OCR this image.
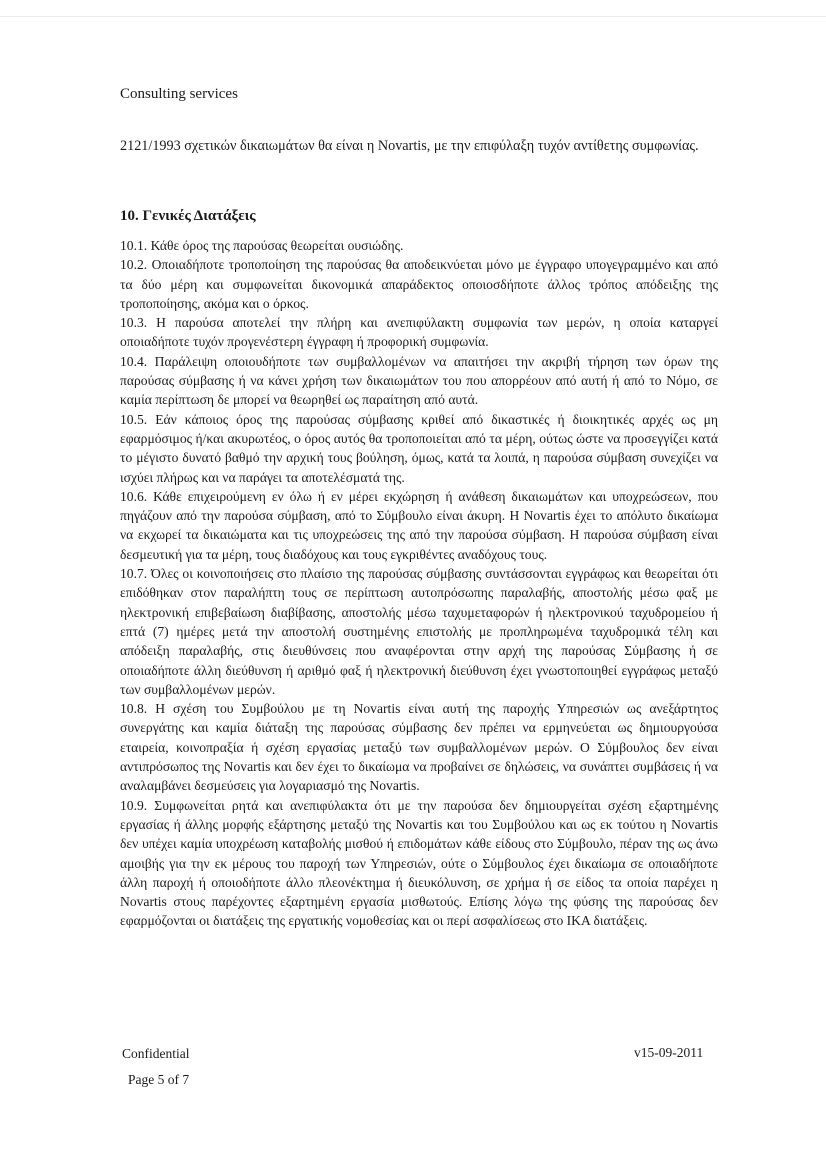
Consulting services
2121/1993 σχετικών δικαιωμάτων θα είναι η Novartis, με την επιφύλαξη τυχόν αντίθετης συμφωνίας.
10. Γενικές Διατάξεις

10.1. Κάθε όρος της παρούσας θεωρείται ουσιώδης.

10.2. Οποιαδήποτε τροποποίηση της παρούσας θα αποδεικνύεται μόνο με έγγραφο υπογεγραμμένο και από τα δύο μέρη και συμφωνείται δικονομικά απαράδεκτος οποιοσδήποτε άλλος τρόπος απόδειξης της τροποποίησης, ακόμα και ο όρκος.

10.3. Η παρούσα αποτελεί την πλήρη και ανεπιφύλακτη συμφωνία των μερών, η οποία καταργεί οποιαδήποτε τυχόν προγενέστερη έγγραφη ή προφορική συμφωνία.

10.4. Παράλειψη οποιουδήποτε των συμβαλλομένων να απαιτήσει την ακριβή τήρηση των όρων της παρούσας σύμβασης ή να κάνει χρήση των δικαιωμάτων του που απορρέουν από αυτή ή από το Νόμο, σε καμία περίπτωση δε μπορεί να θεωρηθεί ως παραίτηση από αυτά.

10.5. Εάν κάποιος όρος της παρούσας σύμβασης κριθεί από δικαστικές ή διοικητικές αρχές ως μη εφαρμόσιμος ή/και ακυρωτέος, ο όρος αυτός θα τροποποιείται από τα μέρη, ούτως ώστε να προσεγγίζει κατά το μέγιστο δυνατό βαθμό την αρχική τους βούληση, όμως, κατά τα λοιπά, η παρούσα σύμβαση συνεχίζει να ισχύει πλήρως και να παράγει τα αποτελέσματά της.

10.6. Κάθε επιχειρούμενη εν όλω ή εν μέρει εκχώρηση ή ανάθεση δικαιωμάτων και υποχρεώσεων, που πηγάζουν από την παρούσα σύμβαση, από το Σύμβουλο είναι άκυρη. Η Novartis έχει το απόλυτο δικαίωμα να εκχωρεί τα δικαιώματα και τις υποχρεώσεις της από την παρούσα σύμβαση. Η παρούσα σύμβαση είναι δεσμευτική για τα μέρη, τους διαδόχους και τους εγκριθέντες αναδόχους τους.

10.7. Όλες οι κοινοποιήσεις στο πλαίσιο της παρούσας σύμβασης συντάσσονται εγγράφως και θεωρείται ότι επιδόθηκαν στον παραλήπτη τους σε περίπτωση αυτοπρόσωπης παραλαβής, αποστολής μέσω φαξ με ηλεκτρονική επιβεβαίωση διαβίβασης, αποστολής μέσω ταχυμεταφορών ή ηλεκτρονικού ταχυδρομείου ή επτά (7) ημέρες μετά την αποστολή συστημένης επιστολής με προπληρωμένα ταχυδρομικά τέλη και απόδειξη παραλαβής, στις διευθύνσεις που αναφέρονται στην αρχή της παρούσας Σύμβασης ή σε οποιαδήποτε άλλη διεύθυνση ή αριθμό φαξ ή ηλεκτρονική διεύθυνση έχει γνωστοποιηθεί εγγράφως μεταξύ των συμβαλλομένων μερών.

10.8. Η σχέση του Συμβούλου με τη Novartis είναι αυτή της παροχής Υπηρεσιών ως ανεξάρτητος συνεργάτης και καμία διάταξη της παρούσας σύμβασης δεν πρέπει να ερμηνεύεται ως δημιουργούσα εταιρεία, κοινοπραξία ή σχέση εργασίας μεταξύ των συμβαλλομένων μερών. Ο Σύμβουλος δεν είναι αντιπρόσωπος της Novartis και δεν έχει το δικαίωμα να προβαίνει σε δηλώσεις, να συνάπτει συμβάσεις ή να αναλαμβάνει δεσμεύσεις για λογαριασμό της Novartis.

10.9. Συμφωνείται ρητά και ανεπιφύλακτα ότι με την παρούσα δεν δημιουργείται σχέση εξαρτημένης εργασίας ή άλλης μορφής εξάρτησης μεταξύ της Novartis και του Συμβούλου και ως εκ τούτου η Novartis δεν υπέχει καμία υποχρέωση καταβολής μισθού ή επιδομάτων κάθε είδους στο Σύμβουλο, πέραν της ως άνω αμοιβής για την εκ μέρους του παροχή των Υπηρεσιών, ούτε ο Σύμβουλος έχει δικαίωμα σε οποιαδήποτε άλλη παροχή ή οποιοδήποτε άλλο πλεονέκτημα ή διευκόλυνση, σε χρήμα ή σε είδος τα οποία παρέχει η Novartis στους παρέχοντες εξαρτημένη εργασία μισθωτούς. Επίσης λόγω της φύσης της παρούσας δεν εφαρμόζονται οι διατάξεις της εργατικής νομοθεσίας και οι περί ασφαλίσεως στο ΙΚΑ διατάξεις.

Confidential
Page 5 of 7
v15-09-2011
